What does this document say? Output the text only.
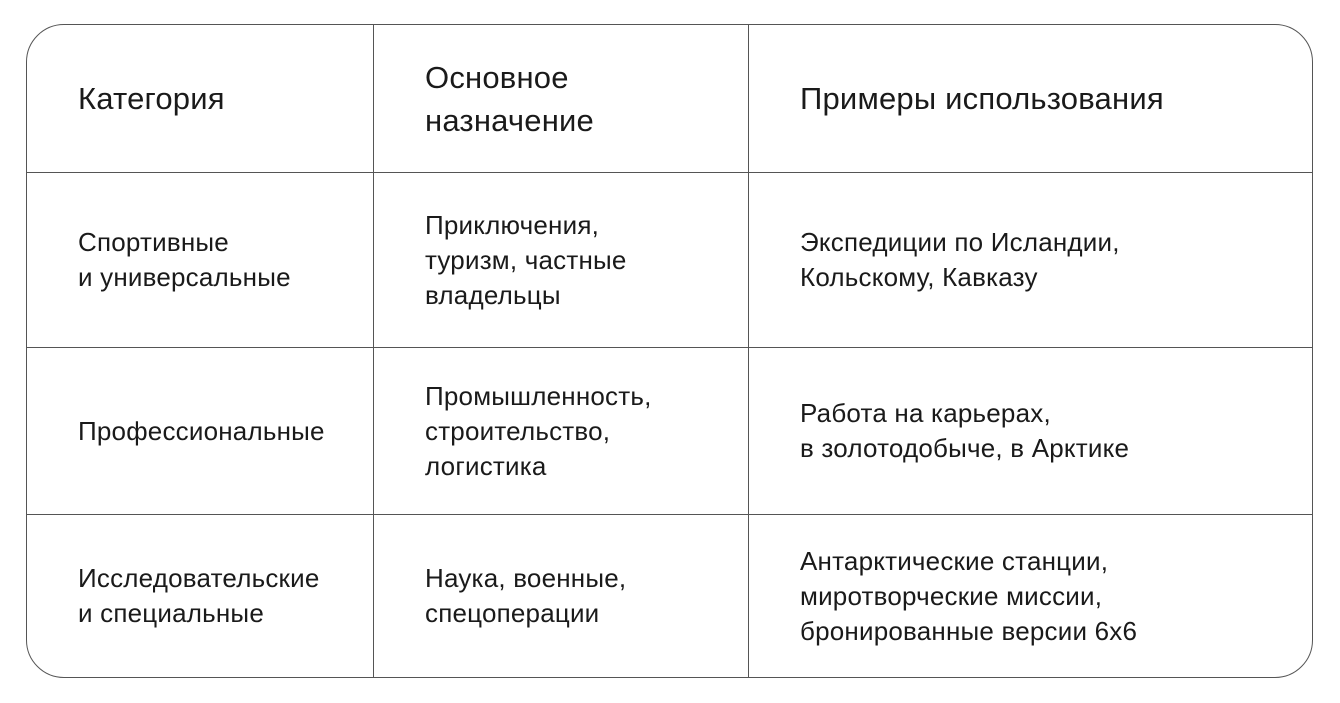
Категория
Основное
назначение
Примеры использования
Спортивные
и универсальные
Приключения,
туризм, частные
владельцы
Экспедиции по Исландии,
Кольскому, Кавказу
Профессиональные
Промышленность,
строительство,
логистика
Работа на карьерах,
в золотодобыче, в Арктике
Исследовательские
и специальные
Наука, военные,
спецоперации
Антарктические станции,
миротворческие миссии,
бронированные версии 6х6
